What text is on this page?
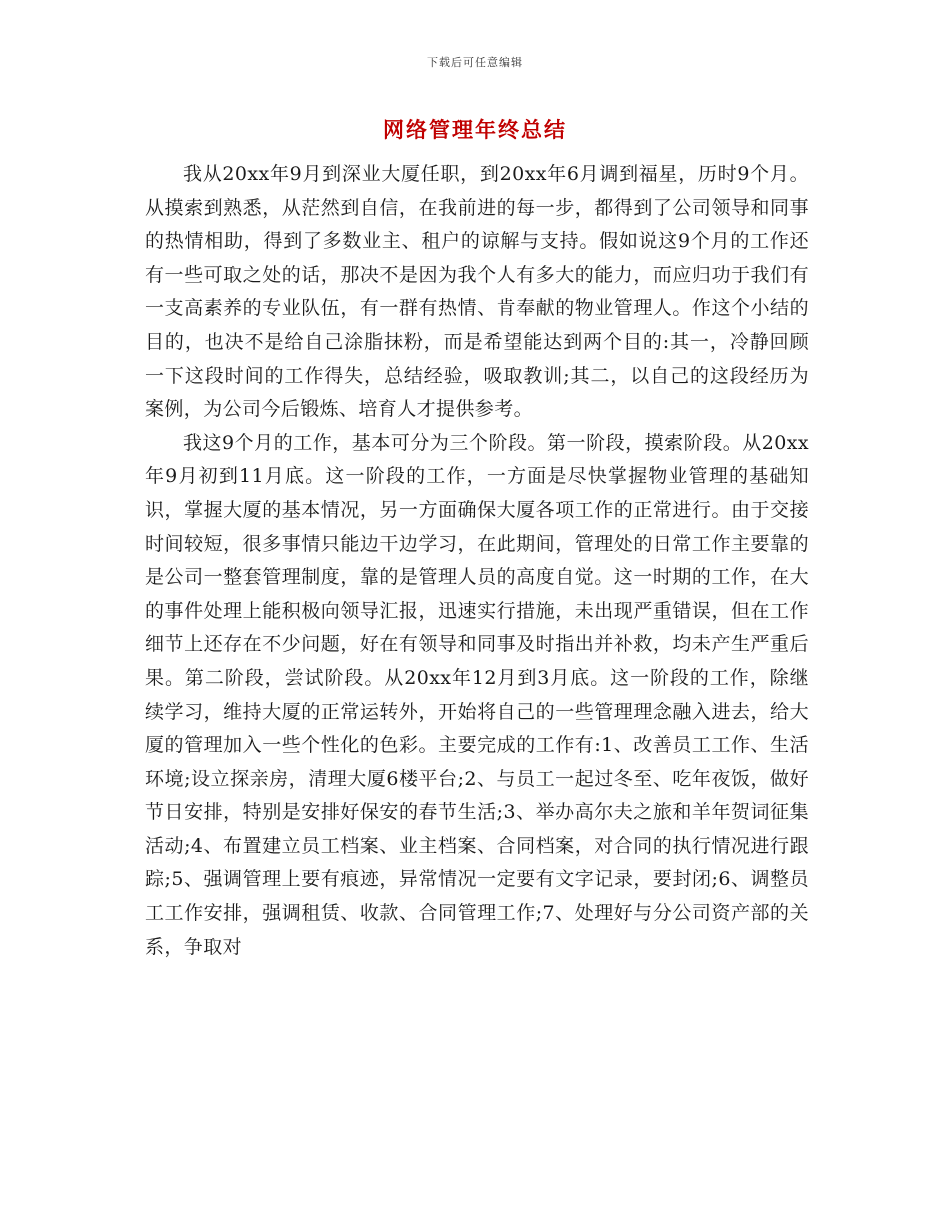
下载后可任意编辑
网络管理年终总结

我从20xx年9月到深业大厦任职，到20xx年6月调到福星，历时9个月。从摸索到熟悉，从茫然到自信，在我前进的每一步，都得到了公司领导和同事的热情相助，得到了多数业主、租户的谅解与支持。假如说这9个月的工作还有一些可取之处的话，那决不是因为我个人有多大的能力，而应归功于我们有一支高素养的专业队伍，有一群有热情、肯奉献的物业管理人。作这个小结的目的，也决不是给自己涂脂抹粉，而是希望能达到两个目的:其一，冷静回顾一下这段时间的工作得失，总结经验，吸取教训;其二，以自己的这段经历为案例，为公司今后锻炼、培育人才提供参考。

我这9个月的工作，基本可分为三个阶段。第一阶段，摸索阶段。从20xx年9月初到11月底。这一阶段的工作，一方面是尽快掌握物业管理的基础知识，掌握大厦的基本情况，另一方面确保大厦各项工作的正常进行。由于交接时间较短，很多事情只能边干边学习，在此期间，管理处的日常工作主要靠的是公司一整套管理制度，靠的是管理人员的高度自觉。这一时期的工作，在大的事件处理上能积极向领导汇报，迅速实行措施，未出现严重错误，但在工作细节上还存在不少问题，好在有领导和同事及时指出并补救，均未产生严重后果。第二阶段，尝试阶段。从20xx年12月到3月底。这一阶段的工作，除继续学习，维持大厦的正常运转外，开始将自己的一些管理理念融入进去，给大厦的管理加入一些个性化的色彩。主要完成的工作有:1、改善员工工作、生活环境;设立探亲房，清理大厦6楼平台;2、与员工一起过冬至、吃年夜饭，做好节日安排，特别是安排好保安的春节生活;3、举办高尔夫之旅和羊年贺词征集活动;4、布置建立员工档案、业主档案、合同档案，对合同的执行情况进行跟踪;5、强调管理上要有痕迹，异常情况一定要有文字记录，要封闭;6、调整员工工作安排，强调租赁、收款、合同管理工作;7、处理好与分公司资产部的关系，争取对
